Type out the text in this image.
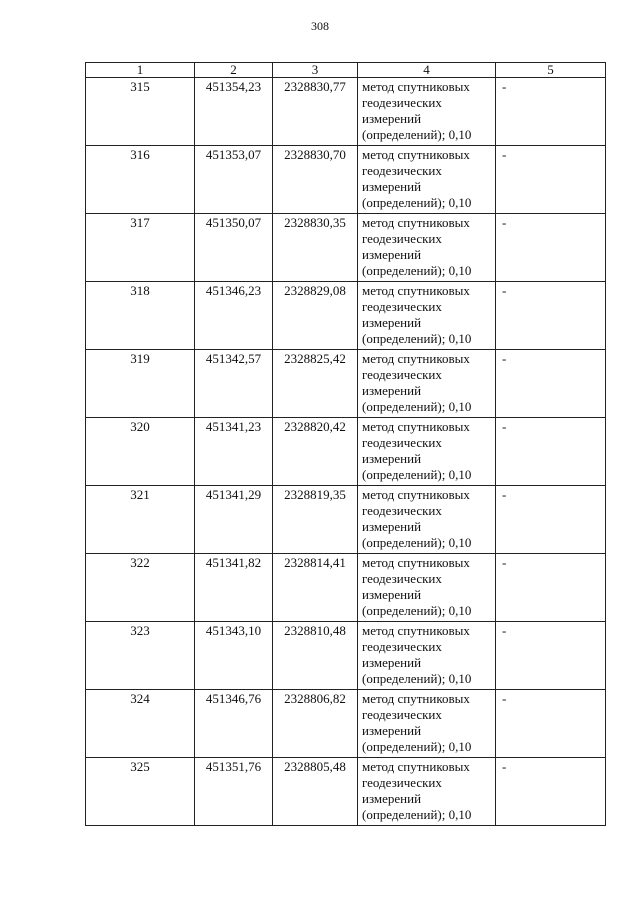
308
1	2	3	4	5
315	451354,23	2328830,77	метод спутниковых
геодезических
измерений
(определений); 0,10	-
316	451353,07	2328830,70	метод спутниковых
геодезических
измерений
(определений); 0,10	-
317	451350,07	2328830,35	метод спутниковых
геодезических
измерений
(определений); 0,10	-
318	451346,23	2328829,08	метод спутниковых
геодезических
измерений
(определений); 0,10	-
319	451342,57	2328825,42	метод спутниковых
геодезических
измерений
(определений); 0,10	-
320	451341,23	2328820,42	метод спутниковых
геодезических
измерений
(определений); 0,10	-
321	451341,29	2328819,35	метод спутниковых
геодезических
измерений
(определений); 0,10	-
322	451341,82	2328814,41	метод спутниковых
геодезических
измерений
(определений); 0,10	-
323	451343,10	2328810,48	метод спутниковых
геодезических
измерений
(определений); 0,10	-
324	451346,76	2328806,82	метод спутниковых
геодезических
измерений
(определений); 0,10	-
325	451351,76	2328805,48	метод спутниковых
геодезических
измерений
(определений); 0,10	-
